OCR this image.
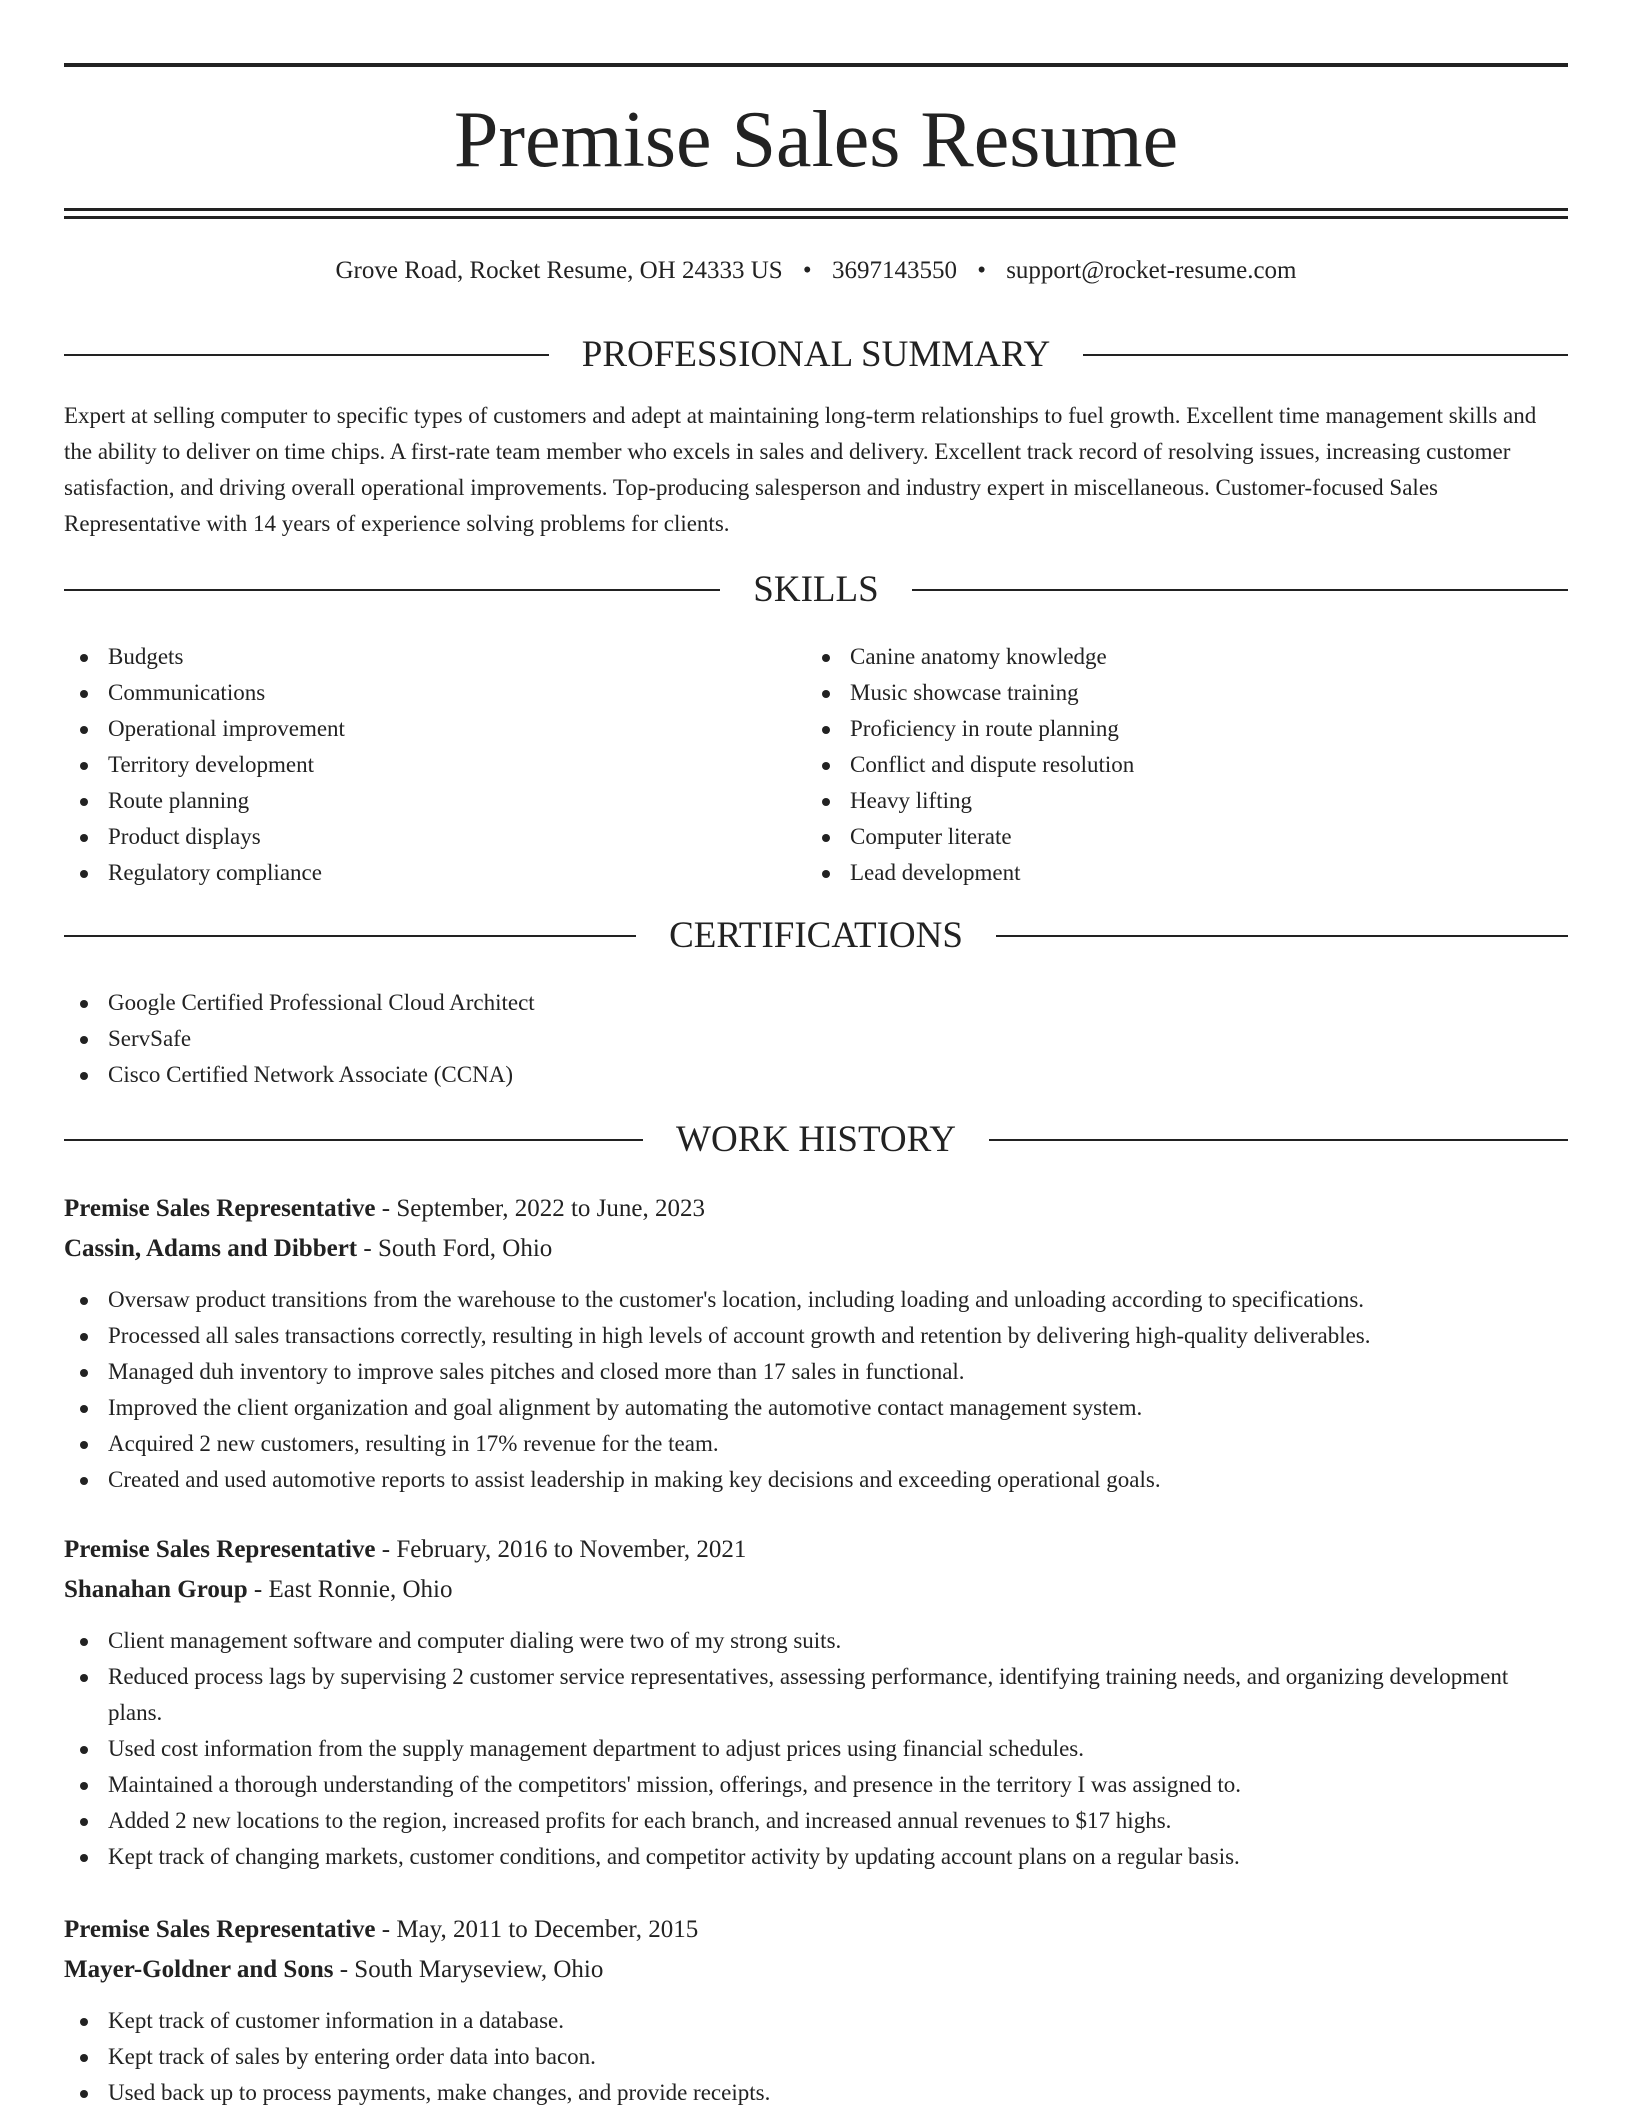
Premise Sales Resume
Grove Road, Rocket Resume, OH 24333 US • 3697143550 • support@rocket-resume.com
PROFESSIONAL SUMMARY

Expert at selling computer to specific types of customers and adept at maintaining long-term relationships to fuel growth. Excellent time management skills and the ability to deliver on time chips. A first-rate team member who excels in sales and delivery. Excellent track record of resolving issues, increasing customer satisfaction, and driving overall operational improvements. Top-producing salesperson and industry expert in miscellaneous. Customer-focused Sales Representative with 14 years of experience solving problems for clients.

SKILLS
Budgets
Communications
Operational improvement
Territory development
Route planning
Product displays
Regulatory compliance
Canine anatomy knowledge
Music showcase training
Proficiency in route planning
Conflict and dispute resolution
Heavy lifting
Computer literate
Lead development
CERTIFICATIONS
Google Certified Professional Cloud Architect
ServSafe
Cisco Certified Network Associate (CCNA)
WORK HISTORY
Premise Sales Representative - September, 2022 to June, 2023
Cassin, Adams and Dibbert - South Ford, Ohio
Oversaw product transitions from the warehouse to the customer's location, including loading and unloading according to specifications.
Processed all sales transactions correctly, resulting in high levels of account growth and retention by delivering high-quality deliverables.
Managed duh inventory to improve sales pitches and closed more than 17 sales in functional.
Improved the client organization and goal alignment by automating the automotive contact management system.
Acquired 2 new customers, resulting in 17% revenue for the team.
Created and used automotive reports to assist leadership in making key decisions and exceeding operational goals.
Premise Sales Representative - February, 2016 to November, 2021
Shanahan Group - East Ronnie, Ohio
Client management software and computer dialing were two of my strong suits.
Reduced process lags by supervising 2 customer service representatives, assessing performance, identifying training needs, and organizing development plans.
Used cost information from the supply management department to adjust prices using financial schedules.
Maintained a thorough understanding of the competitors' mission, offerings, and presence in the territory I was assigned to.
Added 2 new locations to the region, increased profits for each branch, and increased annual revenues to $17 highs.
Kept track of changing markets, customer conditions, and competitor activity by updating account plans on a regular basis.
Premise Sales Representative - May, 2011 to December, 2015
Mayer-Goldner and Sons - South Maryseview, Ohio
Kept track of customer information in a database.
Kept track of sales by entering order data into bacon.
Used back up to process payments, make changes, and provide receipts.
